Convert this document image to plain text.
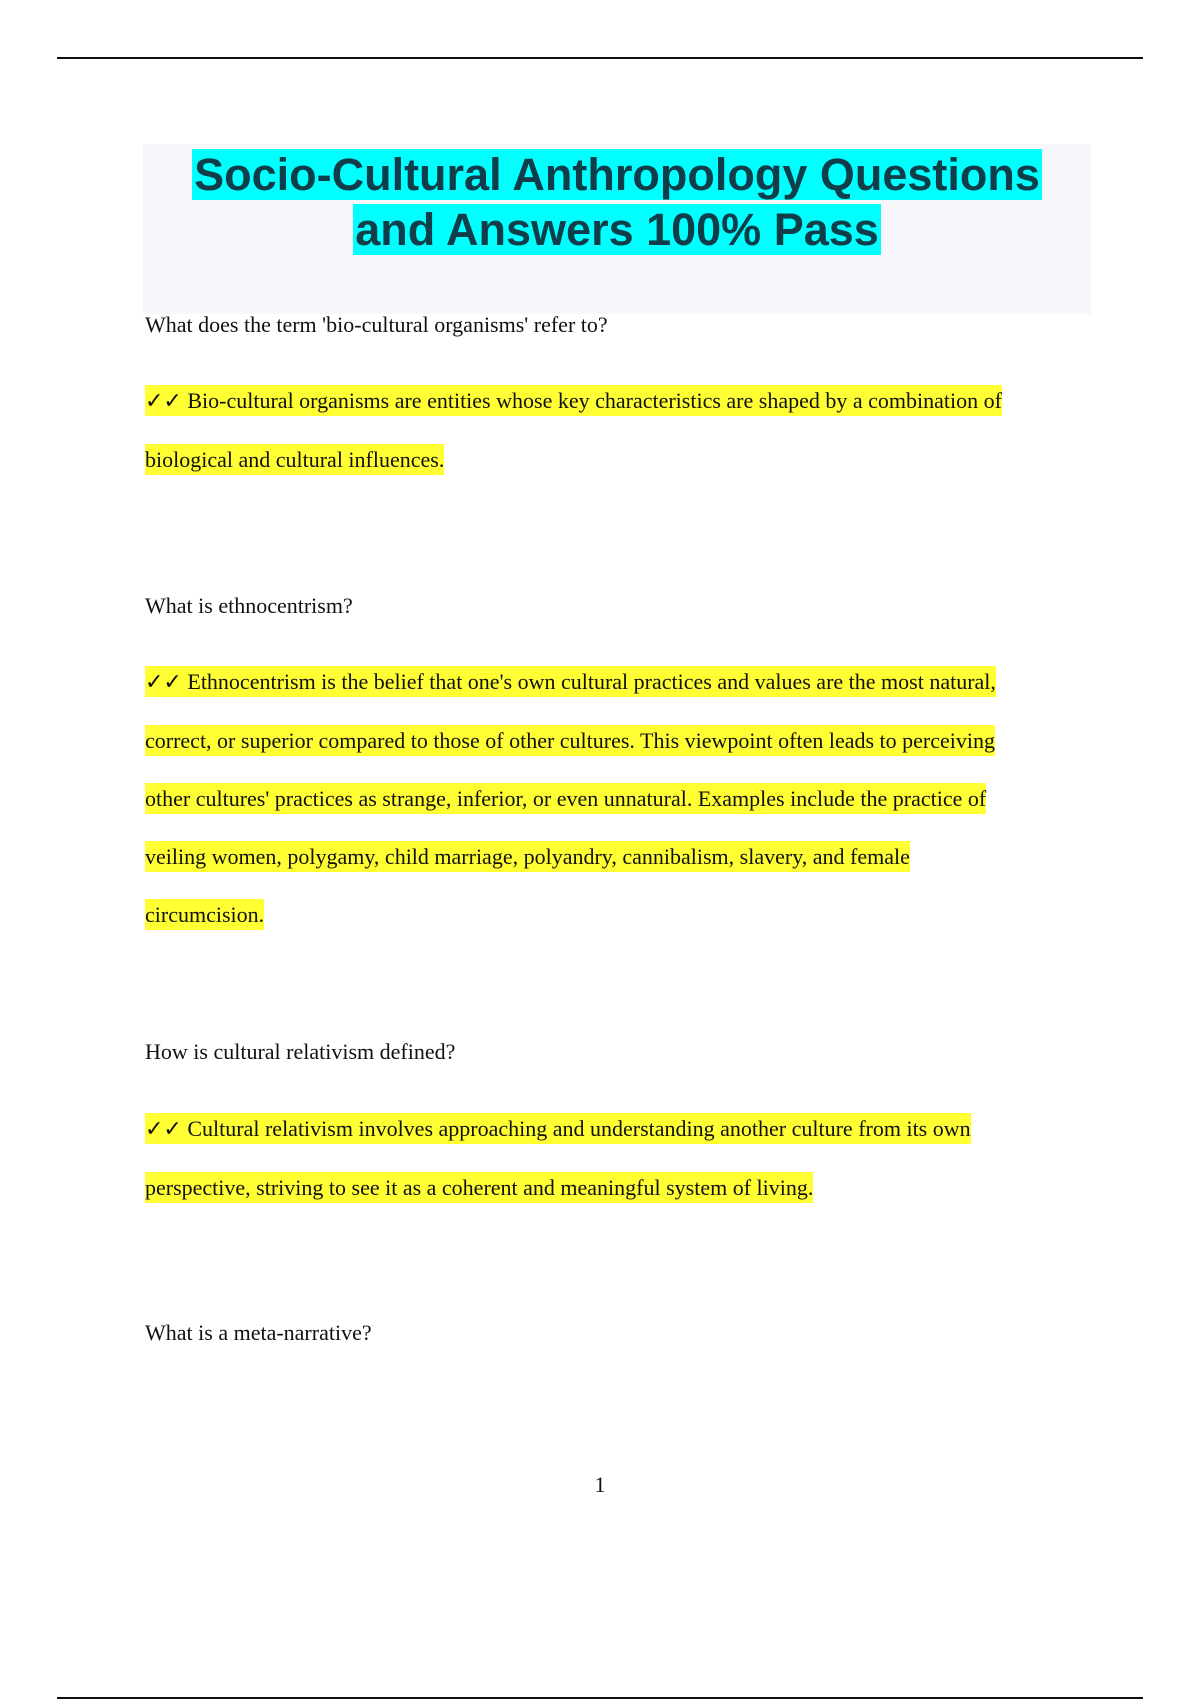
Socio-Cultural Anthropology Questions
and Answers 100% Pass
What does the term 'bio-cultural organisms' refer to?
✓✓ Bio-cultural organisms are entities whose key characteristics are shaped by a combination of
biological and cultural influences.
What is ethnocentrism?
✓✓ Ethnocentrism is the belief that one's own cultural practices and values are the most natural,
correct, or superior compared to those of other cultures. This viewpoint often leads to perceiving
other cultures' practices as strange, inferior, or even unnatural. Examples include the practice of
veiling women, polygamy, child marriage, polyandry, cannibalism, slavery, and female
circumcision.
How is cultural relativism defined?
✓✓ Cultural relativism involves approaching and understanding another culture from its own
perspective, striving to see it as a coherent and meaningful system of living.
What is a meta-narrative?
1
